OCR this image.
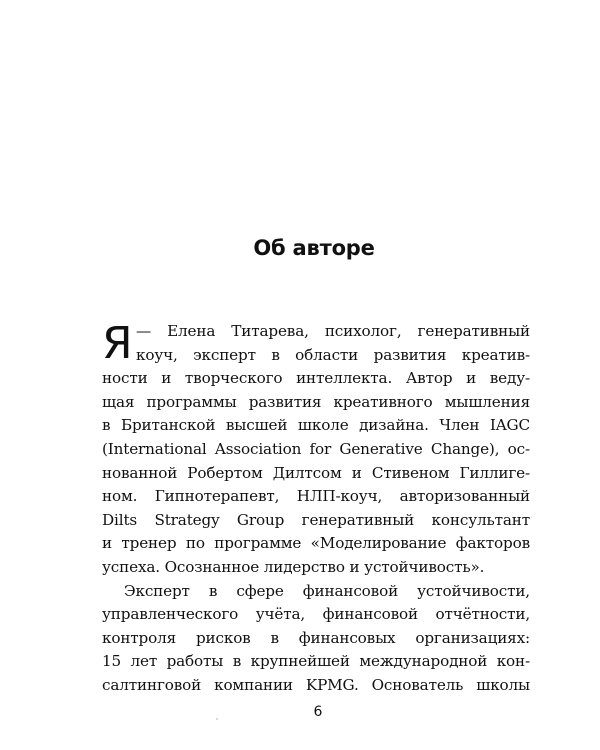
Об авторе
Я — Елена Титарева, психолог, генеративный
коуч, эксперт в области развития креатив-
ности и творческого интеллекта. Автор и веду-
щая программы развития креативного мышления
в Британской высшей школе дизайна. Член IAGC
(International Association for Generative Change), ос-
нованной Робертом Дилтсом и Стивеном Гиллиге-
ном. Гипнотерапевт, НЛП-коуч, авторизованный
Dilts Strategy Group генеративный консультант
и тренер по программе «Моделирование факторов
успеха. Осознанное лидерство и устойчивость».
Эксперт в сфере финансовой устойчивости,
управленческого учёта, финансовой отчётности,
контроля рисков в финансовых организациях:
15 лет работы в крупнейшей международной кон-
салтинговой компании KPMG. Основатель школы
6
